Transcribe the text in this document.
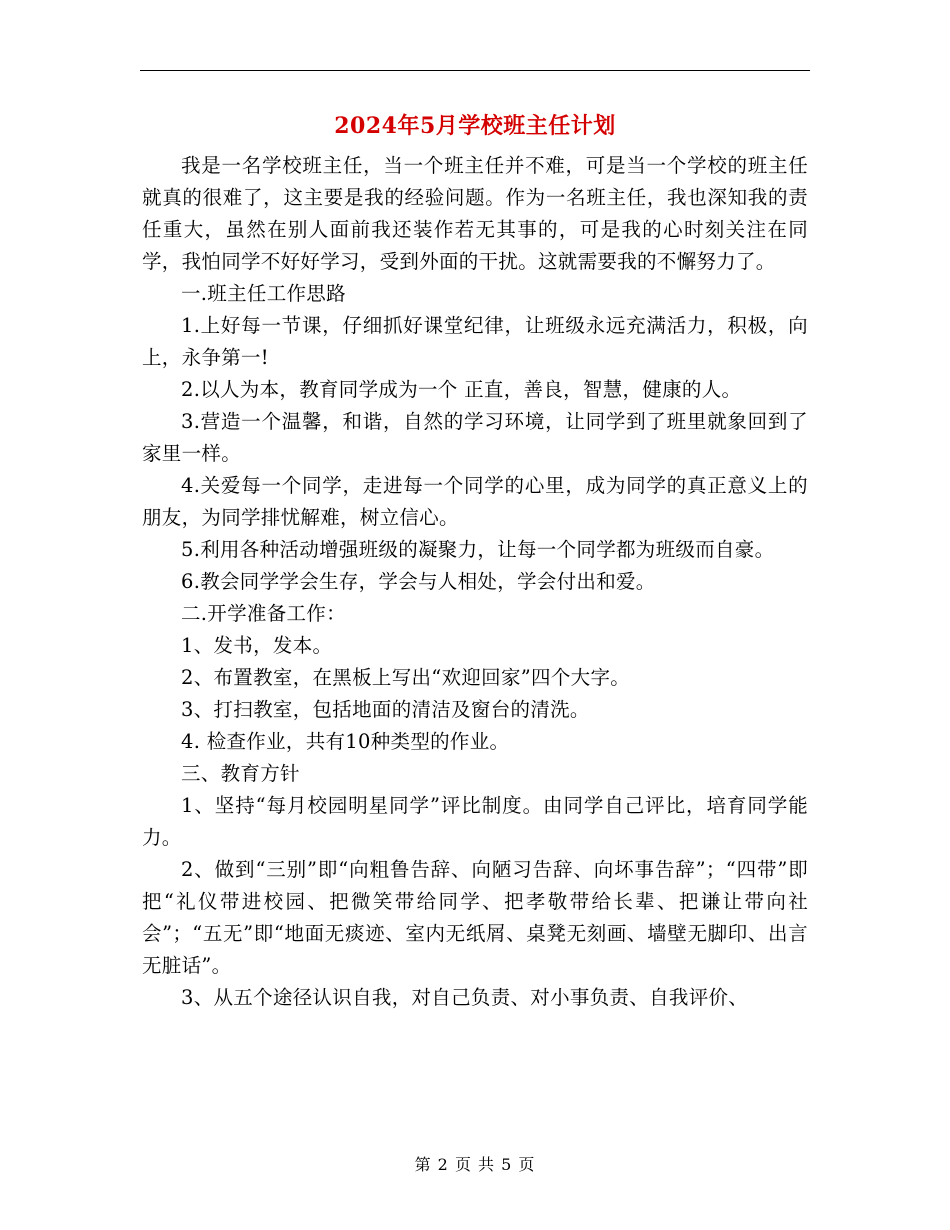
2024年5月学校班主任计划

我是一名学校班主任，当一个班主任并不难，可是当一个学校的班主任就真的很难了，这主要是我的经验问题。作为一名班主任，我也深知我的责任重大，虽然在别人面前我还装作若无其事的，可是我的心时刻关注在同学，我怕同学不好好学习，受到外面的干扰。这就需要我的不懈努力了。

一.班主任工作思路

1.上好每一节课，仔细抓好课堂纪律，让班级永远充满活力，积极，向上，永争第一!

2.以人为本，教育同学成为一个 正直，善良，智慧，健康的人。

3.营造一个温馨，和谐，自然的学习环境，让同学到了班里就象回到了家里一样。

4.关爱每一个同学，走进每一个同学的心里，成为同学的真正意义上的朋友，为同学排忧解难，树立信心。

5.利用各种活动增强班级的凝聚力，让每一个同学都为班级而自豪。

6.教会同学学会生存，学会与人相处，学会付出和爱。

二.开学准备工作：

1、发书，发本。

2、布置教室，在黑板上写出“欢迎回家”四个大字。

3、打扫教室，包括地面的清洁及窗台的清洗。

4. 检查作业，共有10种类型的作业。

三、教育方针

1、坚持“每月校园明星同学”评比制度。由同学自己评比，培育同学能力。

2、做到“三别”即“向粗鲁告辞、向陋习告辞、向坏事告辞”；“四带”即把“礼仪带进校园、把微笑带给同学、把孝敬带给长辈、把谦让带向社会”；“五无”即“地面无痰迹、室内无纸屑、桌凳无刻画、墙壁无脚印、出言无脏话”。

3、从五个途径认识自我，对自己负责、对小事负责、自我评价、

第 2 页 共 5 页
